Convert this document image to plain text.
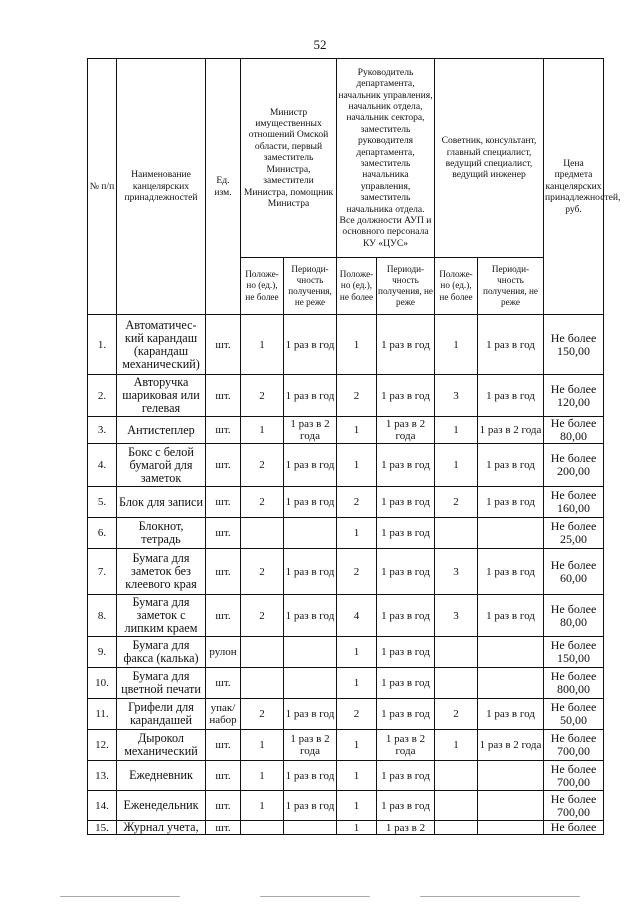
52
№ п/п	Наименование канцелярских принадлежностей	Ед. изм.	Министр имущественных отношений Омской области, первый заместитель Министра, заместители Министра, помощник Министра		Руководитель департамента, начальник управления, начальник отдела, начальник сектора, заместитель руководителя департамента, заместитель начальника управления, заместитель начальника отдела. Все должности АУП и основного персонала КУ «ЦУС»		Советник, консультант, главный специалист, ведущий специалист, ведущий инженер		Цена предмета канцелярских принадлежностей, руб.
			Положе-но (ед.), не более	Периоди-чность получения, не реже	Положе-но (ед.), не более	Периоди-чность получения, не реже	Положе-но (ед.), не более	Периоди-чность получения, не реже	
1.	Автоматичес-кий карандаш (карандаш механический)	шт.	1	1 раз в год	1	1 раз в год	1	1 раз в год	Не более 150,00
2.	Авторучка шариковая или гелевая	шт.	2	1 раз в год	2	1 раз в год	3	1 раз в год	Не более 120,00
3.	Антистеплер	шт.	1	1 раз в 2 года	1	1 раз в 2 года	1	1 раз в 2 года	Не более 80,00
4.	Бокс с белой бумагой для заметок	шт.	2	1 раз в год	1	1 раз в год	1	1 раз в год	Не более 200,00
5.	Блок для записи	шт.	2	1 раз в год	2	1 раз в год	2	1 раз в год	Не более 160,00
6.	Блокнот, тетрадь	шт.			1	1 раз в год			Не более 25,00
7.	Бумага для заметок без клеевого края	шт.	2	1 раз в год	2	1 раз в год	3	1 раз в год	Не более 60,00
8.	Бумага для заметок с липким краем	шт.	2	1 раз в год	4	1 раз в год	3	1 раз в год	Не более 80,00
9.	Бумага для факса (калька)	рулон			1	1 раз в год			Не более 150,00
10.	Бумага для цветной печати	шт.			1	1 раз в год			Не более 800,00
11.	Грифели для карандашей	упак/набор	2	1 раз в год	2	1 раз в год	2	1 раз в год	Не более 50,00
12.	Дырокол механический	шт.	1	1 раз в 2 года	1	1 раз в 2 года	1	1 раз в 2 года	Не более 700,00
13.	Ежедневник	шт.	1	1 раз в год	1	1 раз в год			Не более 700,00
14.	Еженедельник	шт.	1	1 раз в год	1	1 раз в год			Не более 700,00
15.	Журнал учета,	шт.			1	1 раз в 2			Не более
